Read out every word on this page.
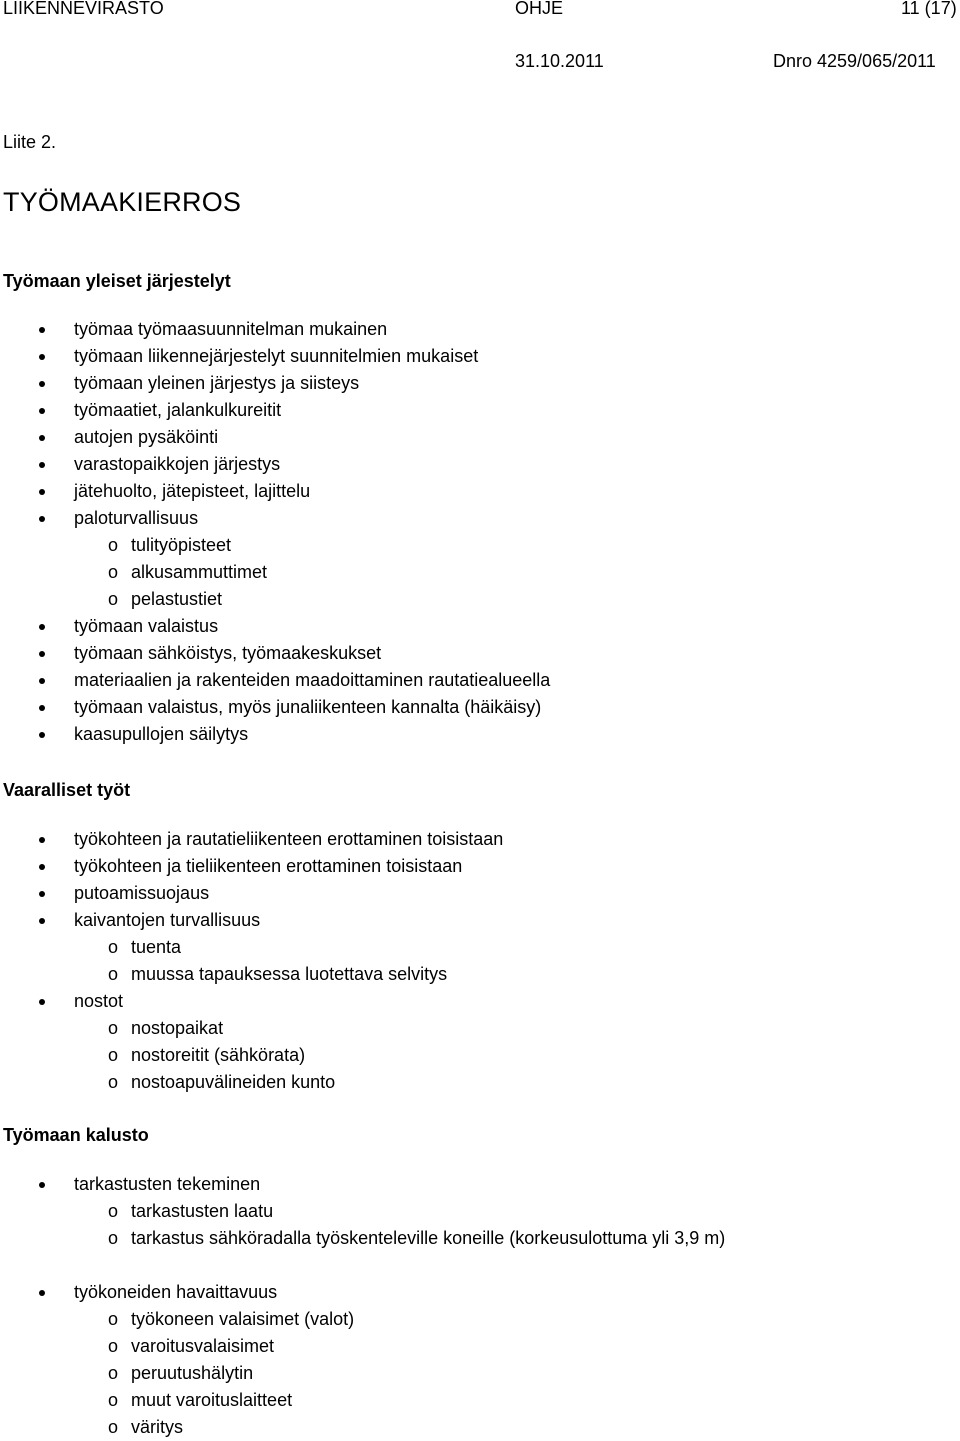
LIIKENNEVIRASTO	OHJE	11 (17)
31.10.2011	Dnro 4259/065/2011
Liite 2.
TYÖMAAKIERROS
Työmaan yleiset järjestelyt
työmaa työmaasuunnitelman mukainen
työmaan liikennejärjestelyt suunnitelmien mukaiset
työmaan yleinen järjestys ja siisteys
työmaatiet, jalankulkureitit
autojen pysäköinti
varastopaikkojen järjestys
jätehuolto, jätepisteet, lajittelu
paloturvallisuus
o tulityöpisteet
o alkusammuttimet
o pelastustiet
työmaan valaistus
työmaan sähköistys, työmaakeskukset
materiaalien ja rakenteiden maadoittaminen rautatiealueella
työmaan valaistus, myös junaliikenteen kannalta (häikäisy)
kaasupullojen säilytys
Vaaralliset työt
työkohteen ja rautatieliikenteen erottaminen toisistaan
työkohteen ja tieliikenteen erottaminen toisistaan
putoamissuojaus
kaivantojen turvallisuus
o tuenta
o muussa tapauksessa luotettava selvitys
nostot
o nostopaikat
o nostoreitit (sähkörata)
o nostoapuvälineiden kunto
Työmaan kalusto
tarkastusten tekeminen
o tarkastusten laatu
o tarkastus sähköradalla työskenteleville koneille (korkeusulottuma yli 3,9 m)
työkoneiden havaittavuus
o työkoneen valaisimet (valot)
o varoitusvalaisimet
o peruutushälytin
o muut varoituslaitteet
o väritys
